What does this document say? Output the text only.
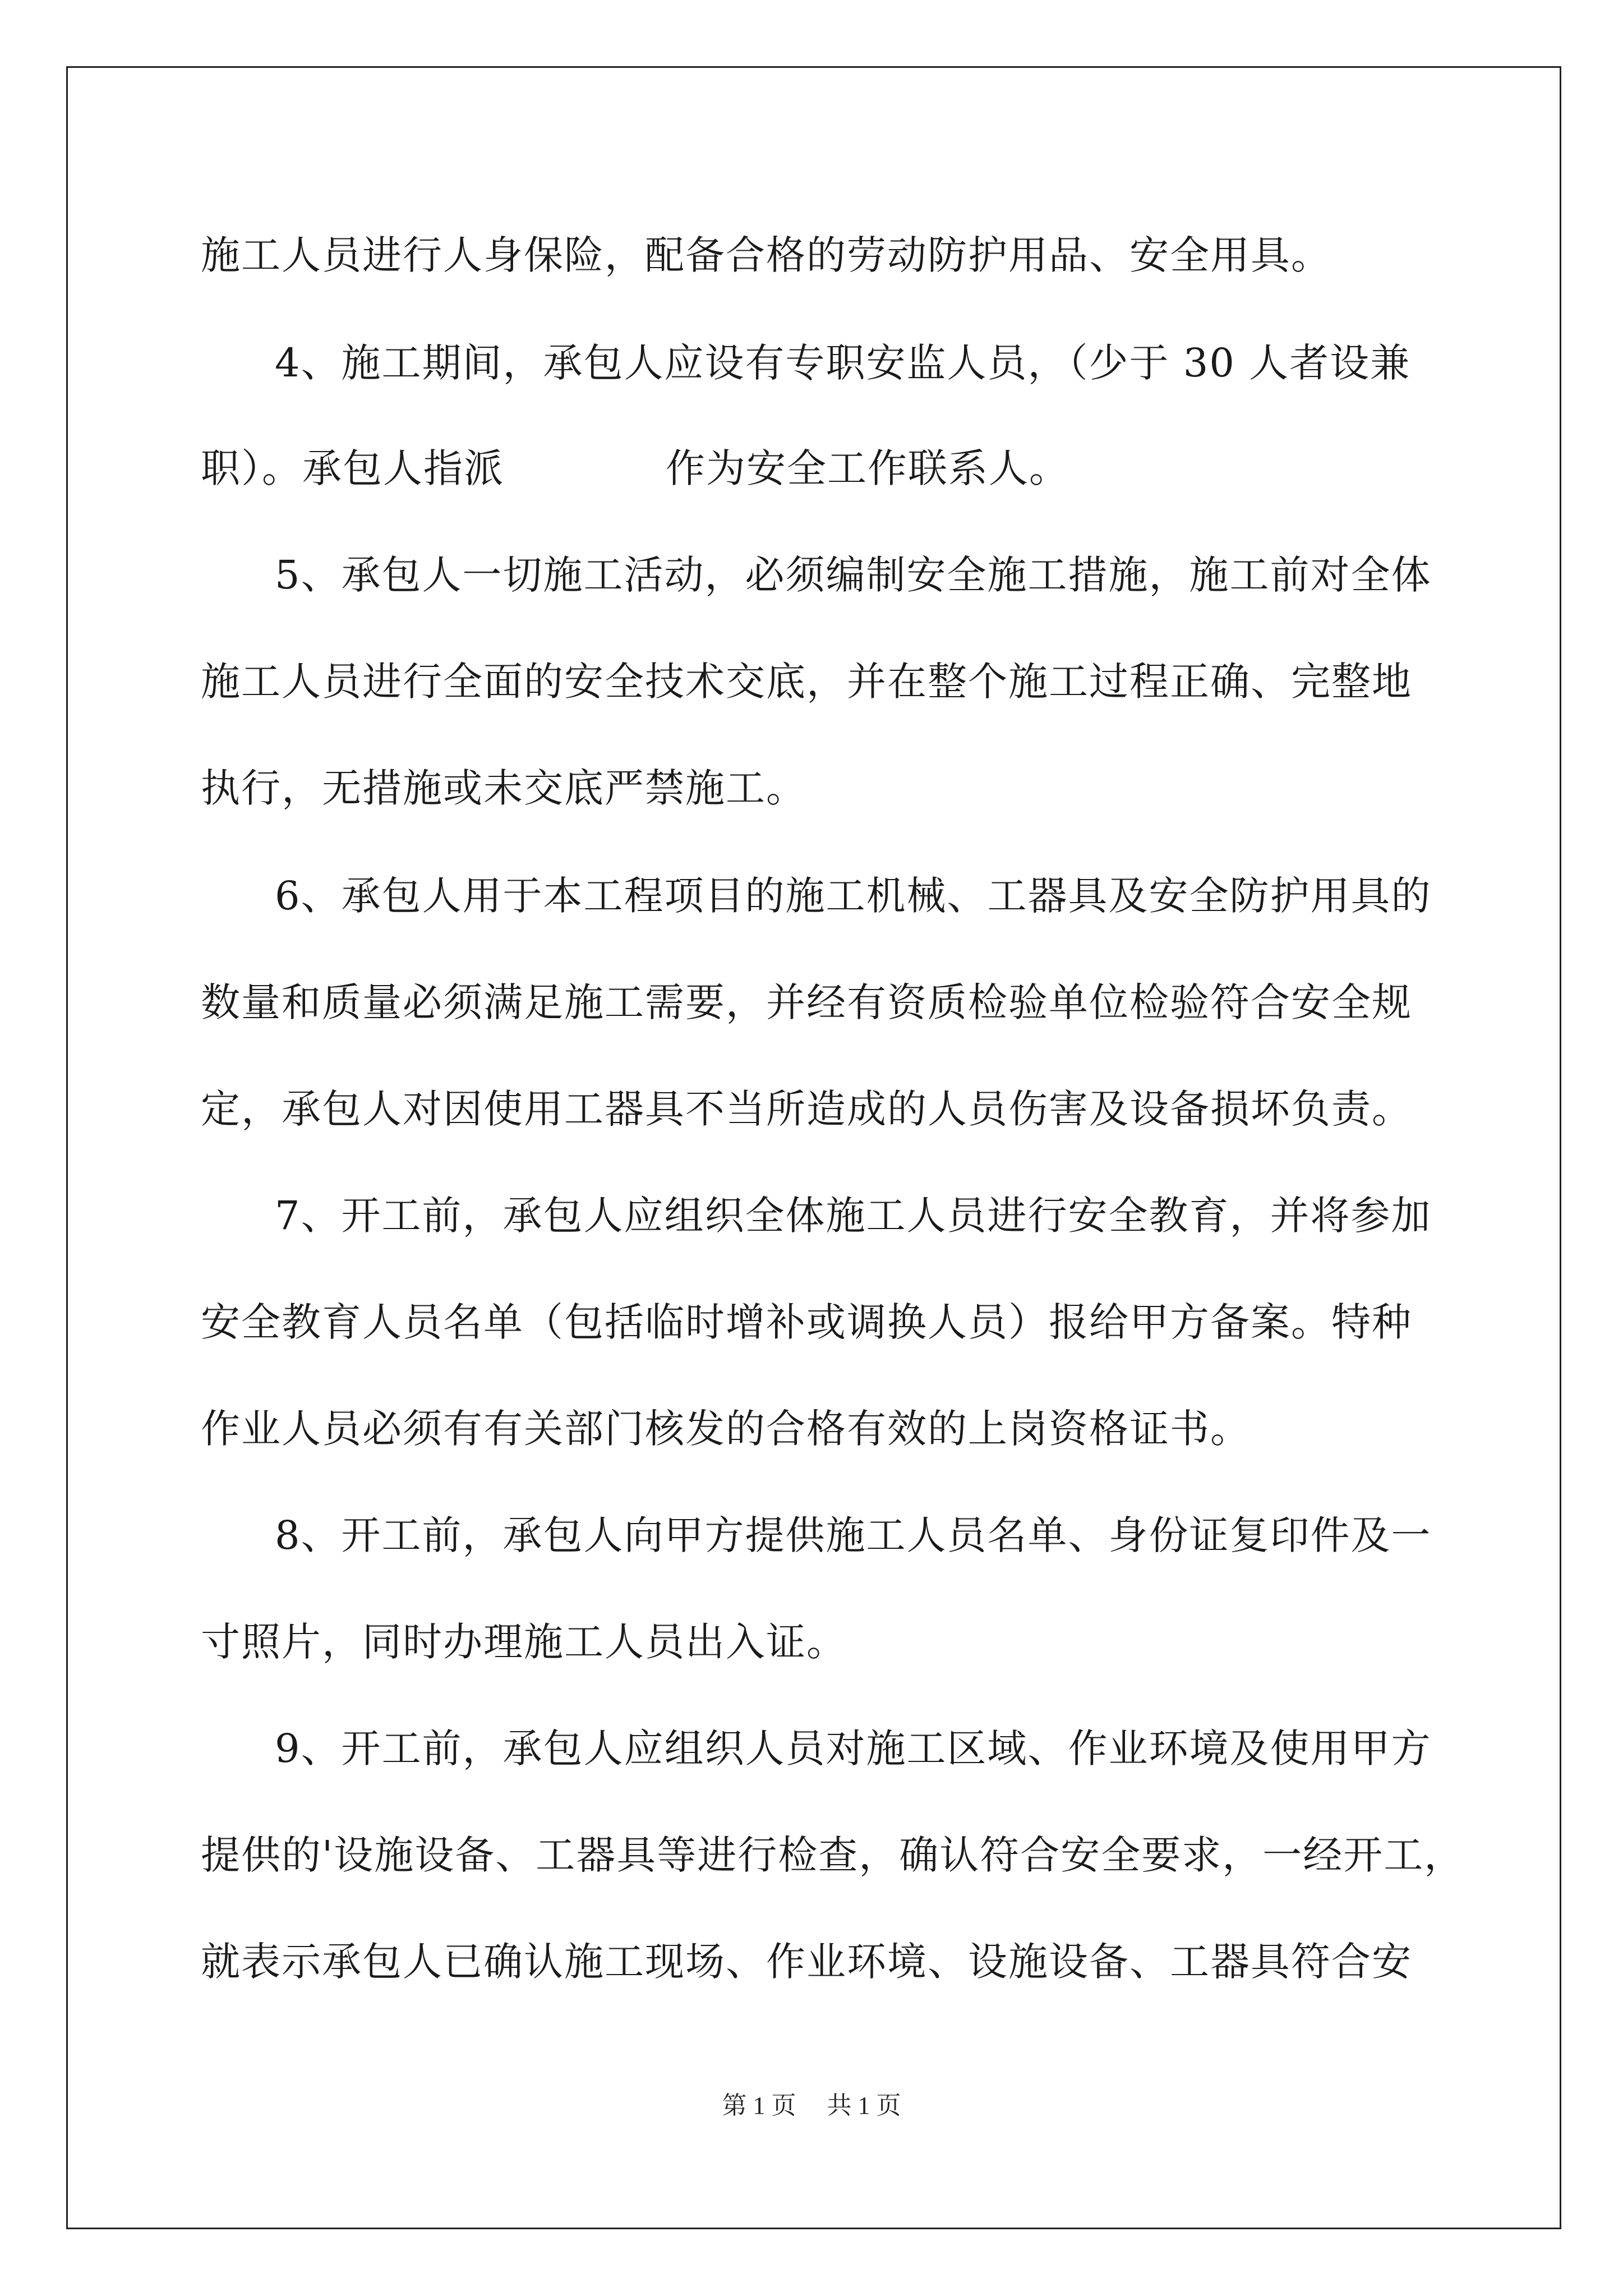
施工人员进行人身保险，配备合格的劳动防护用品、安全用具。
4、施工期间，承包人应设有专职安监人员，（少于 30 人者设兼
职）。承包人指派　　　　作为安全工作联系人。
5、承包人一切施工活动，必须编制安全施工措施，施工前对全体
施工人员进行全面的安全技术交底，并在整个施工过程正确、完整地
执行，无措施或未交底严禁施工。
6、承包人用于本工程项目的施工机械、工器具及安全防护用具的
数量和质量必须满足施工需要，并经有资质检验单位检验符合安全规
定，承包人对因使用工器具不当所造成的人员伤害及设备损坏负责。
7、开工前，承包人应组织全体施工人员进行安全教育，并将参加
安全教育人员名单（包括临时增补或调换人员）报给甲方备案。特种
作业人员必须有有关部门核发的合格有效的上岗资格证书。
8、开工前，承包人向甲方提供施工人员名单、身份证复印件及一
寸照片，同时办理施工人员出入证。
9、开工前，承包人应组织人员对施工区域、作业环境及使用甲方
提供的'设施设备、工器具等进行检查，确认符合安全要求，一经开工，
就表示承包人已确认施工现场、作业环境、设施设备、工器具符合安
第 1 页　 共 1 页
